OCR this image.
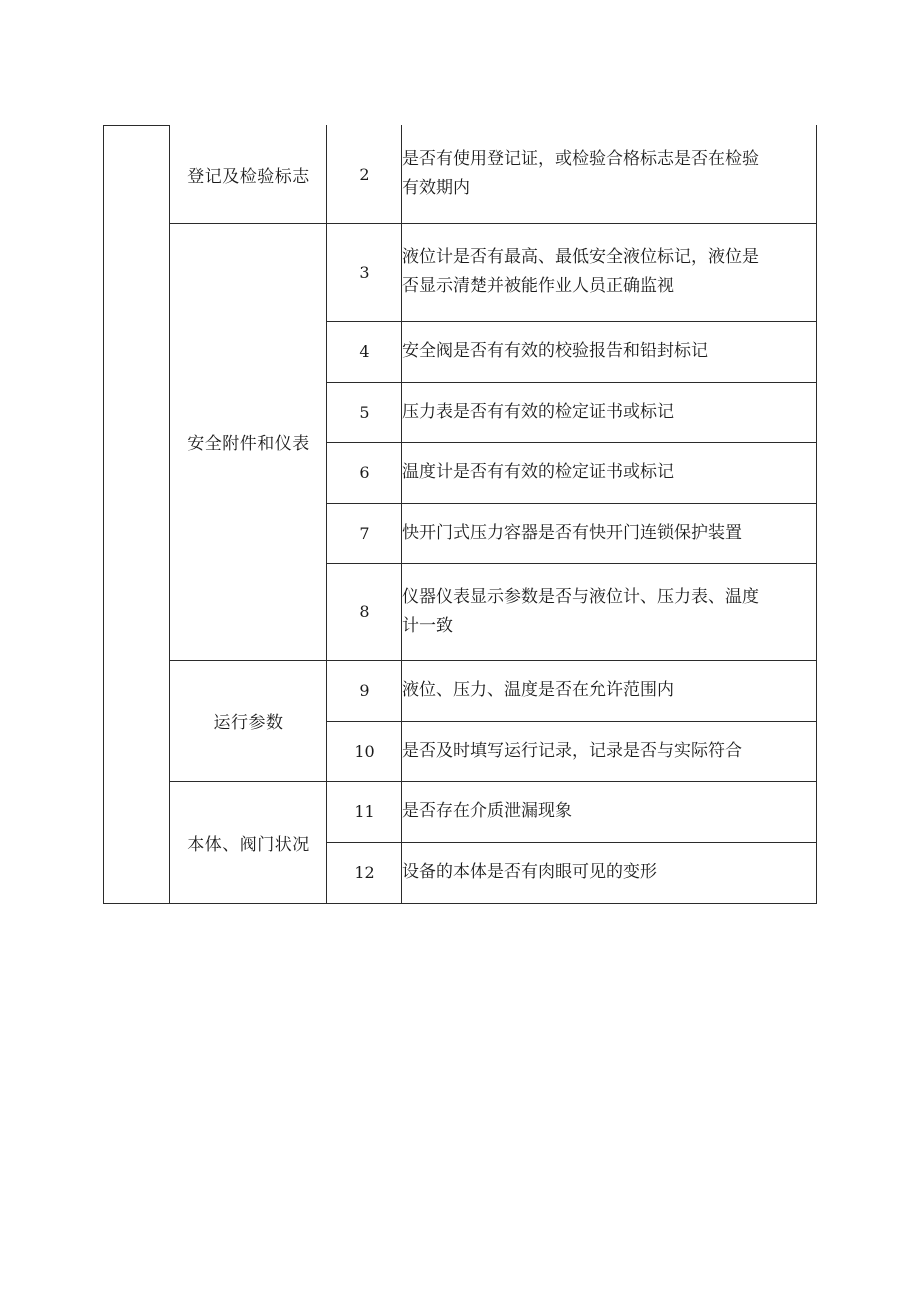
登记及检验标志
安全附件和仪表
运行参数
本体、阀门状况
2
3
4
5
6
7
8
9
10
11
12
是否有使用登记证，或检验合格标志是否在检验
有效期内
液位计是否有最高、最低安全液位标记，液位是
否显示清楚并被能作业人员正确监视
安全阀是否有有效的校验报告和铅封标记
压力表是否有有效的检定证书或标记
温度计是否有有效的检定证书或标记
快开门式压力容器是否有快开门连锁保护装置
仪器仪表显示参数是否与液位计、压力表、温度
计一致
液位、压力、温度是否在允许范围内
是否及时填写运行记录，记录是否与实际符合
是否存在介质泄漏现象
设备的本体是否有肉眼可见的变形
